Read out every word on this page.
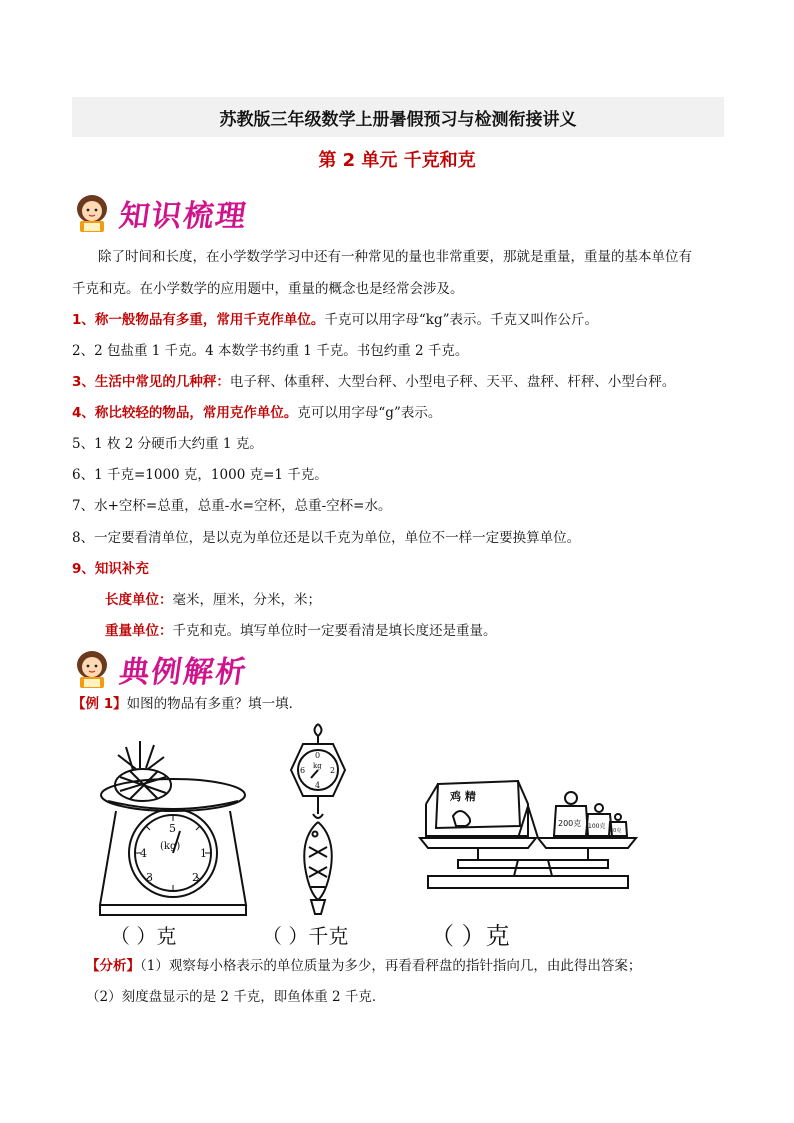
苏教版三年级数学上册暑假预习与检测衔接讲义
第 2 单元 千克和克
知识梳理
除了时间和长度，在小学数学学习中还有一种常见的量也非常重要，那就是重量，重量的基本单位有
千克和克。在小学数学的应用题中，重量的概念也是经常会涉及。
1、称一般物品有多重，常用千克作单位。千克可以用字母“kg”表示。千克又叫作公斤。
2、2 包盐重 1 千克。4 本数学书约重 1 千克。书包约重 2 千克。
3、生活中常见的几种秤：电子秤、体重秤、大型台秤、小型电子秤、天平、盘秤、杆秤、小型台秤。
4、称比较轻的物品，常用克作单位。克可以用字母“g”表示。
5、1 枚 2 分硬币大约重 1 克。
6、1 千克=1000 克，1000 克=1 千克。
7、水+空杯=总重，总重-水=空杯，总重-空杯=水。
8、一定要看清单位，是以克为单位还是以千克为单位，单位不一样一定要换算单位。
9、知识补充
长度单位：毫米，厘米，分米，米；
重量单位：千克和克。填写单位时一定要看清是填长度还是重量。
典例解析
【例 1】如图的物品有多重？填一填．
5
1
2
3
4
(kg)
0
2
4
6 kg
鸡 精
200克 100克
50克
（ ）克	（ ）千克	（ ）克
【分析】（1）观察每小格表示的单位质量为多少，再看看秤盘的指针指向几，由此得出答案；
（2）刻度盘显示的是 2 千克，即鱼体重 2 千克．
